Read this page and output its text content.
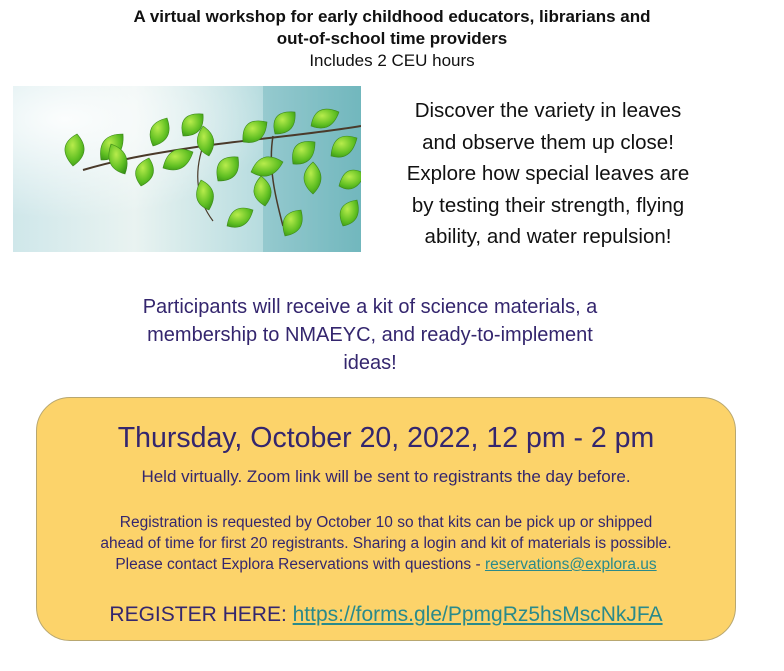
A virtual workshop for early childhood educators, librarians and
out-of-school time providers
Includes 2 CEU hours
Discover the variety in leaves
and observe them up close!
Explore how special leaves are
by testing their strength, flying
ability, and water repulsion!
Participants will receive a kit of science materials, a
membership to NMAEYC, and ready-to-implement
ideas!
Thursday, October 20, 2022, 12 pm - 2 pm
Held virtually. Zoom link will be sent to registrants the day before.
Registration is requested by October 10 so that kits can be pick up or shipped
ahead of time for first 20 registrants. Sharing a login and kit of materials is possible.
Please contact Explora Reservations with questions - reservations@explora.us
REGISTER HERE: https://forms.gle/PpmgRz5hsMscNkJFA
